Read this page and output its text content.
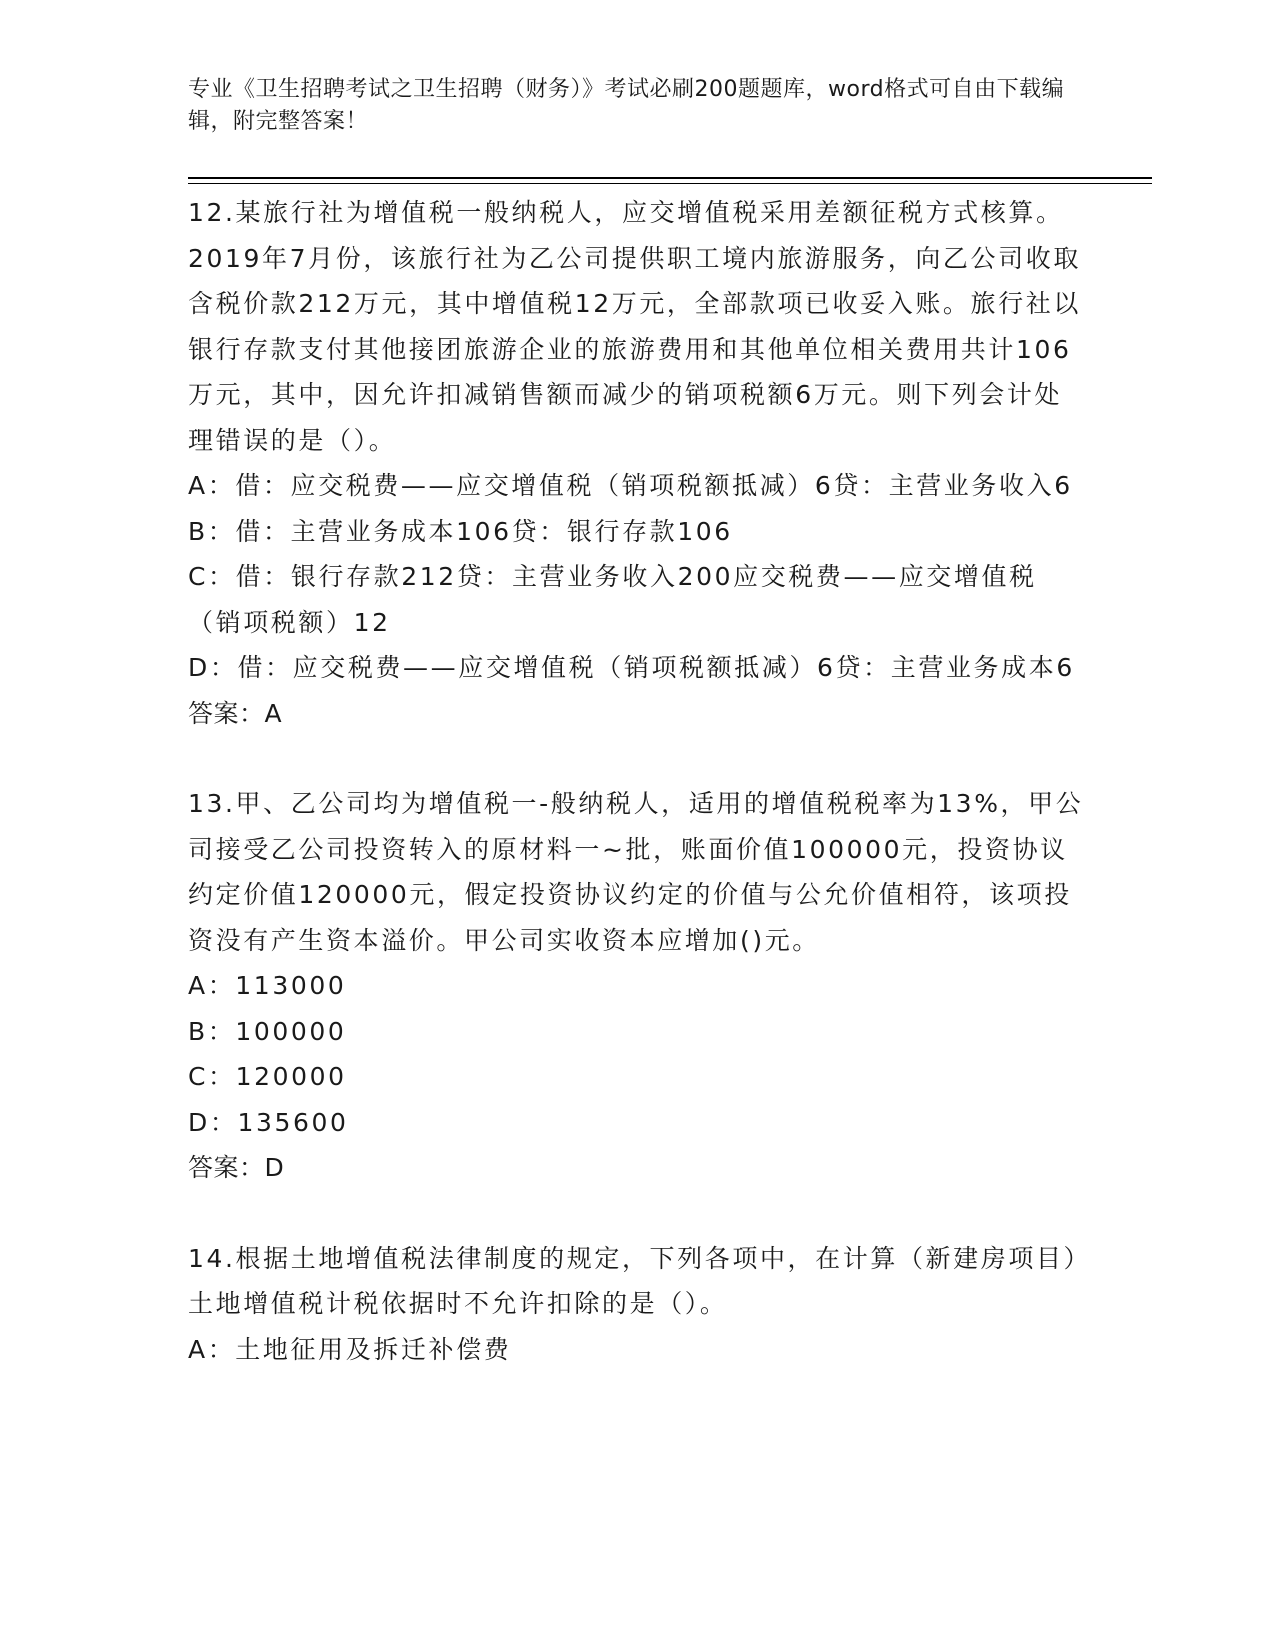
专业《卫生招聘考试之卫生招聘（财务）》考试必刷200题题库，word格式可自由下载编辑，附完整答案！

12.某旅行社为增值税一般纳税人，应交增值税采用差额征税方式核算。2019年7月份，该旅行社为乙公司提供职工境内旅游服务，向乙公司收取含税价款212万元，其中增值税12万元，全部款项已收妥入账。旅行社以银行存款支付其他接团旅游企业的旅游费用和其他单位相关费用共计106万元，其中，因允许扣减销售额而减少的销项税额6万元。则下列会计处理错误的是（）。

A：借：应交税费——应交增值税（销项税额抵减）6贷：主营业务收入6

B：借：主营业务成本106贷：银行存款106

C：借：银行存款212贷：主营业务收入200应交税费——应交增值税（销项税额）12

D：借：应交税费——应交增值税（销项税额抵减）6贷：主营业务成本6

答案：A

13.甲、乙公司均为增值税一-般纳税人，适用的增值税税率为13%，甲公司接受乙公司投资转入的原材料一~批，账面价值100000元，投资协议约定价值120000元，假定投资协议约定的价值与公允价值相符，该项投资没有产生资本溢价。甲公司实收资本应增加()元。

A：113000

B：100000

C：120000

D：135600

答案：D

14.根据土地增值税法律制度的规定，下列各项中，在计算（新建房项目）土地增值税计税依据时不允许扣除的是（）。

A：土地征用及拆迁补偿费
